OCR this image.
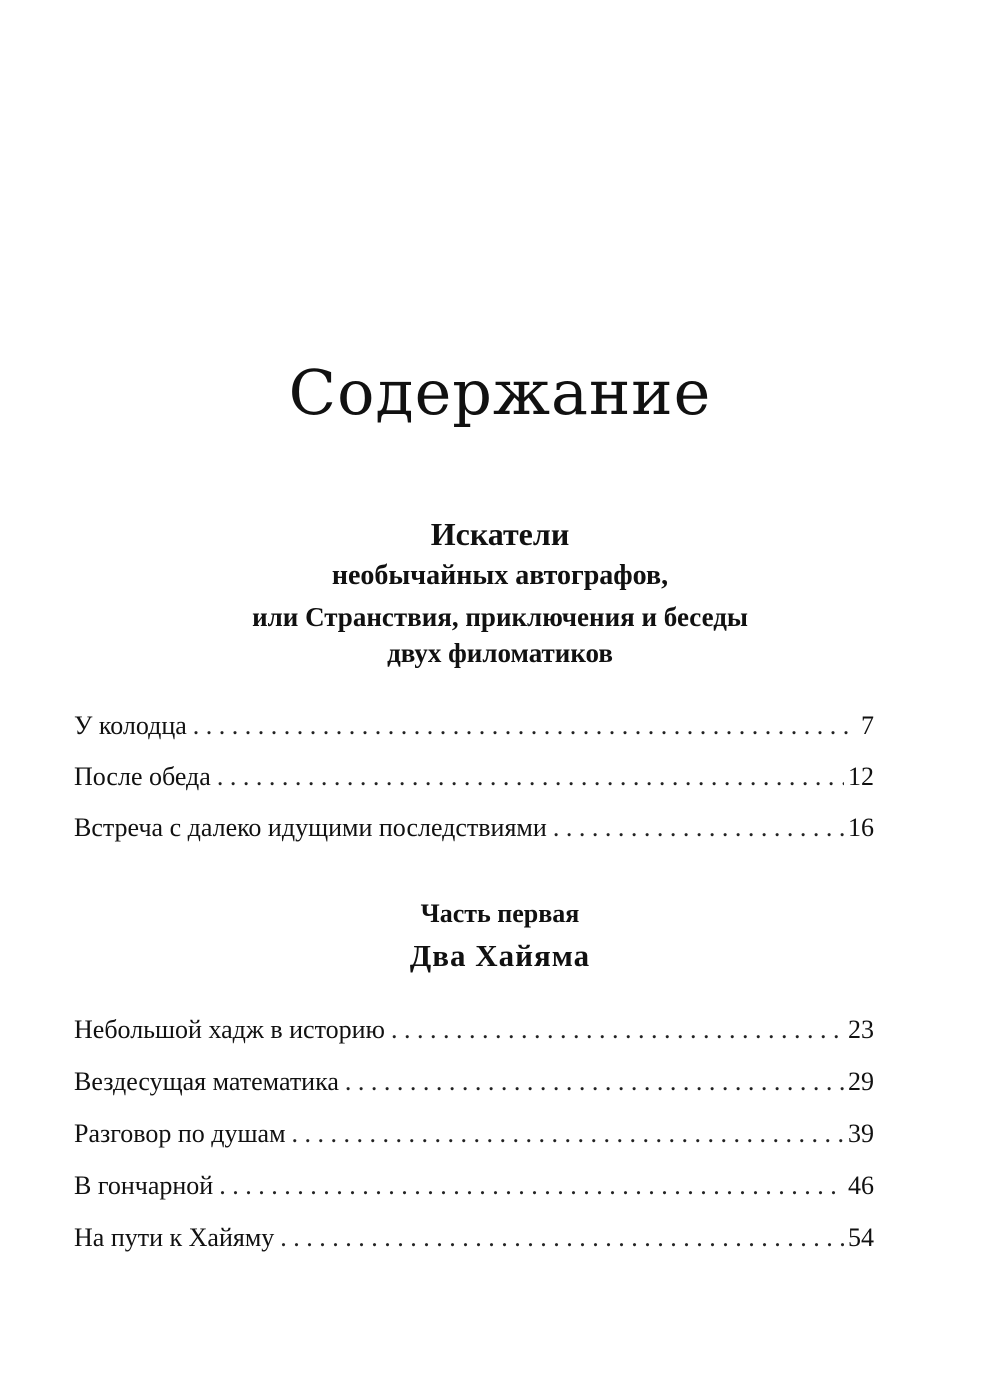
Содержание
Искатели
необычайных автографов,
или Странствия, приключения и беседы
двух филоматиков
У колодца . . .	7
После обеда . . .	12
Встреча с далеко идущими последствиями . . .	16
Часть первая
Два Хайяма
Небольшой хадж в историю . . .	23
Вездесущая математика . . .	29
Разговор по душам . . .	39
В гончарной . . .	46
На пути к Хайяму . . .	54
